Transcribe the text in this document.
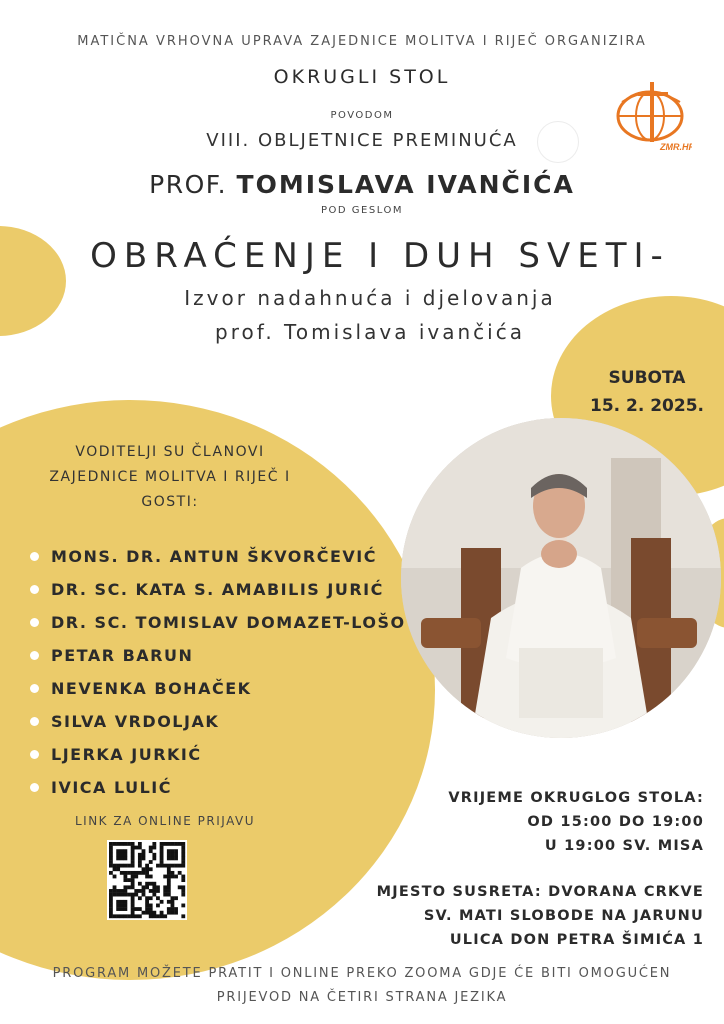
MATIČNA VRHOVNA UPRAVA ZAJEDNICE MOLITVA I RIJEČ ORGANIZIRA
OKRUGLI STOL
POVODOM
VIII. OBLJETNICE PREMINUĆA
PROF. TOMISLAVA IVANČIĆA
POD GESLOM
OBRAĆENJE I DUH SVETI-
Izvor nadahnuća i djelovanja
prof. Tomislava ivančića
ZMR.HR
SUBOTA
15. 2. 2025.
VODITELJI SU ČLANOVI
ZAJEDNICE MOLITVA I RIJEČ I
GOSTI:
MONS. DR. ANTUN ŠKVORČEVIĆ
DR. SC. KATA S. AMABILIS JURIĆ
DR. SC. TOMISLAV DOMAZET-LOŠO
PETAR BARUN
NEVENKA BOHAČEK
SILVA VRDOLJAK
LJERKA JURKIĆ
IVICA LULIĆ
LINK ZA ONLINE PRIJAVU
VRIJEME OKRUGLOG STOLA:
OD 15:00 DO 19:00
U 19:00 SV. MISA
MJESTO SUSRETA: DVORANA CRKVE
SV. MATI SLOBODE NA JARUNU
ULICA DON PETRA ŠIMIĆA 1
PROGRAM MOŽETE PRATIT I ONLINE PREKO ZOOMA GDJE ĆE BITI OMOGUĆEN
PRIJEVOD NA ČETIRI STRANA JEZIKA
